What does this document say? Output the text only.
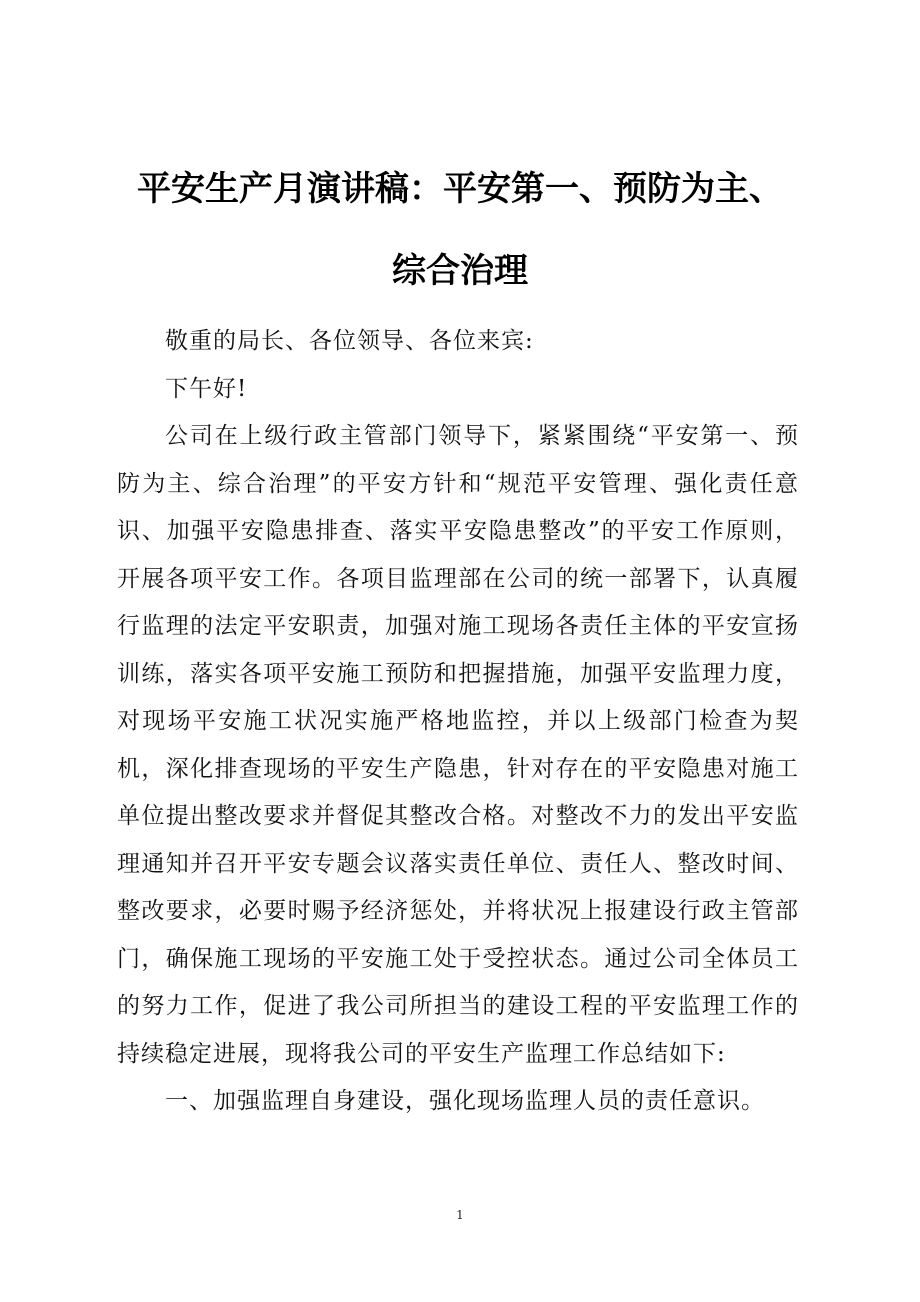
平安生产月演讲稿：平安第一、预防为主、
综合治理

敬重的局长、各位领导、各位来宾:

下午好!

公司在上级行政主管部门领导下，紧紧围绕“平安第一、预防为主、综合治理”的平安方针和“规范平安管理、强化责任意识、加强平安隐患排查、落实平安隐患整改”的平安工作原则，开展各项平安工作。各项目监理部在公司的统一部署下，认真履行监理的法定平安职责，加强对施工现场各责任主体的平安宣扬训练，落实各项平安施工预防和把握措施，加强平安监理力度，对现场平安施工状况实施严格地监控，并以上级部门检查为契机，深化排查现场的平安生产隐患，针对存在的平安隐患对施工单位提出整改要求并督促其整改合格。对整改不力的发出平安监理通知并召开平安专题会议落实责任单位、责任人、整改时间、整改要求，必要时赐予经济惩处，并将状况上报建设行政主管部门，确保施工现场的平安施工处于受控状态。通过公司全体员工的努力工作，促进了我公司所担当的建设工程的平安监理工作的持续稳定进展，现将我公司的平安生产监理工作总结如下:

一、加强监理自身建设，强化现场监理人员的责任意识。

1
